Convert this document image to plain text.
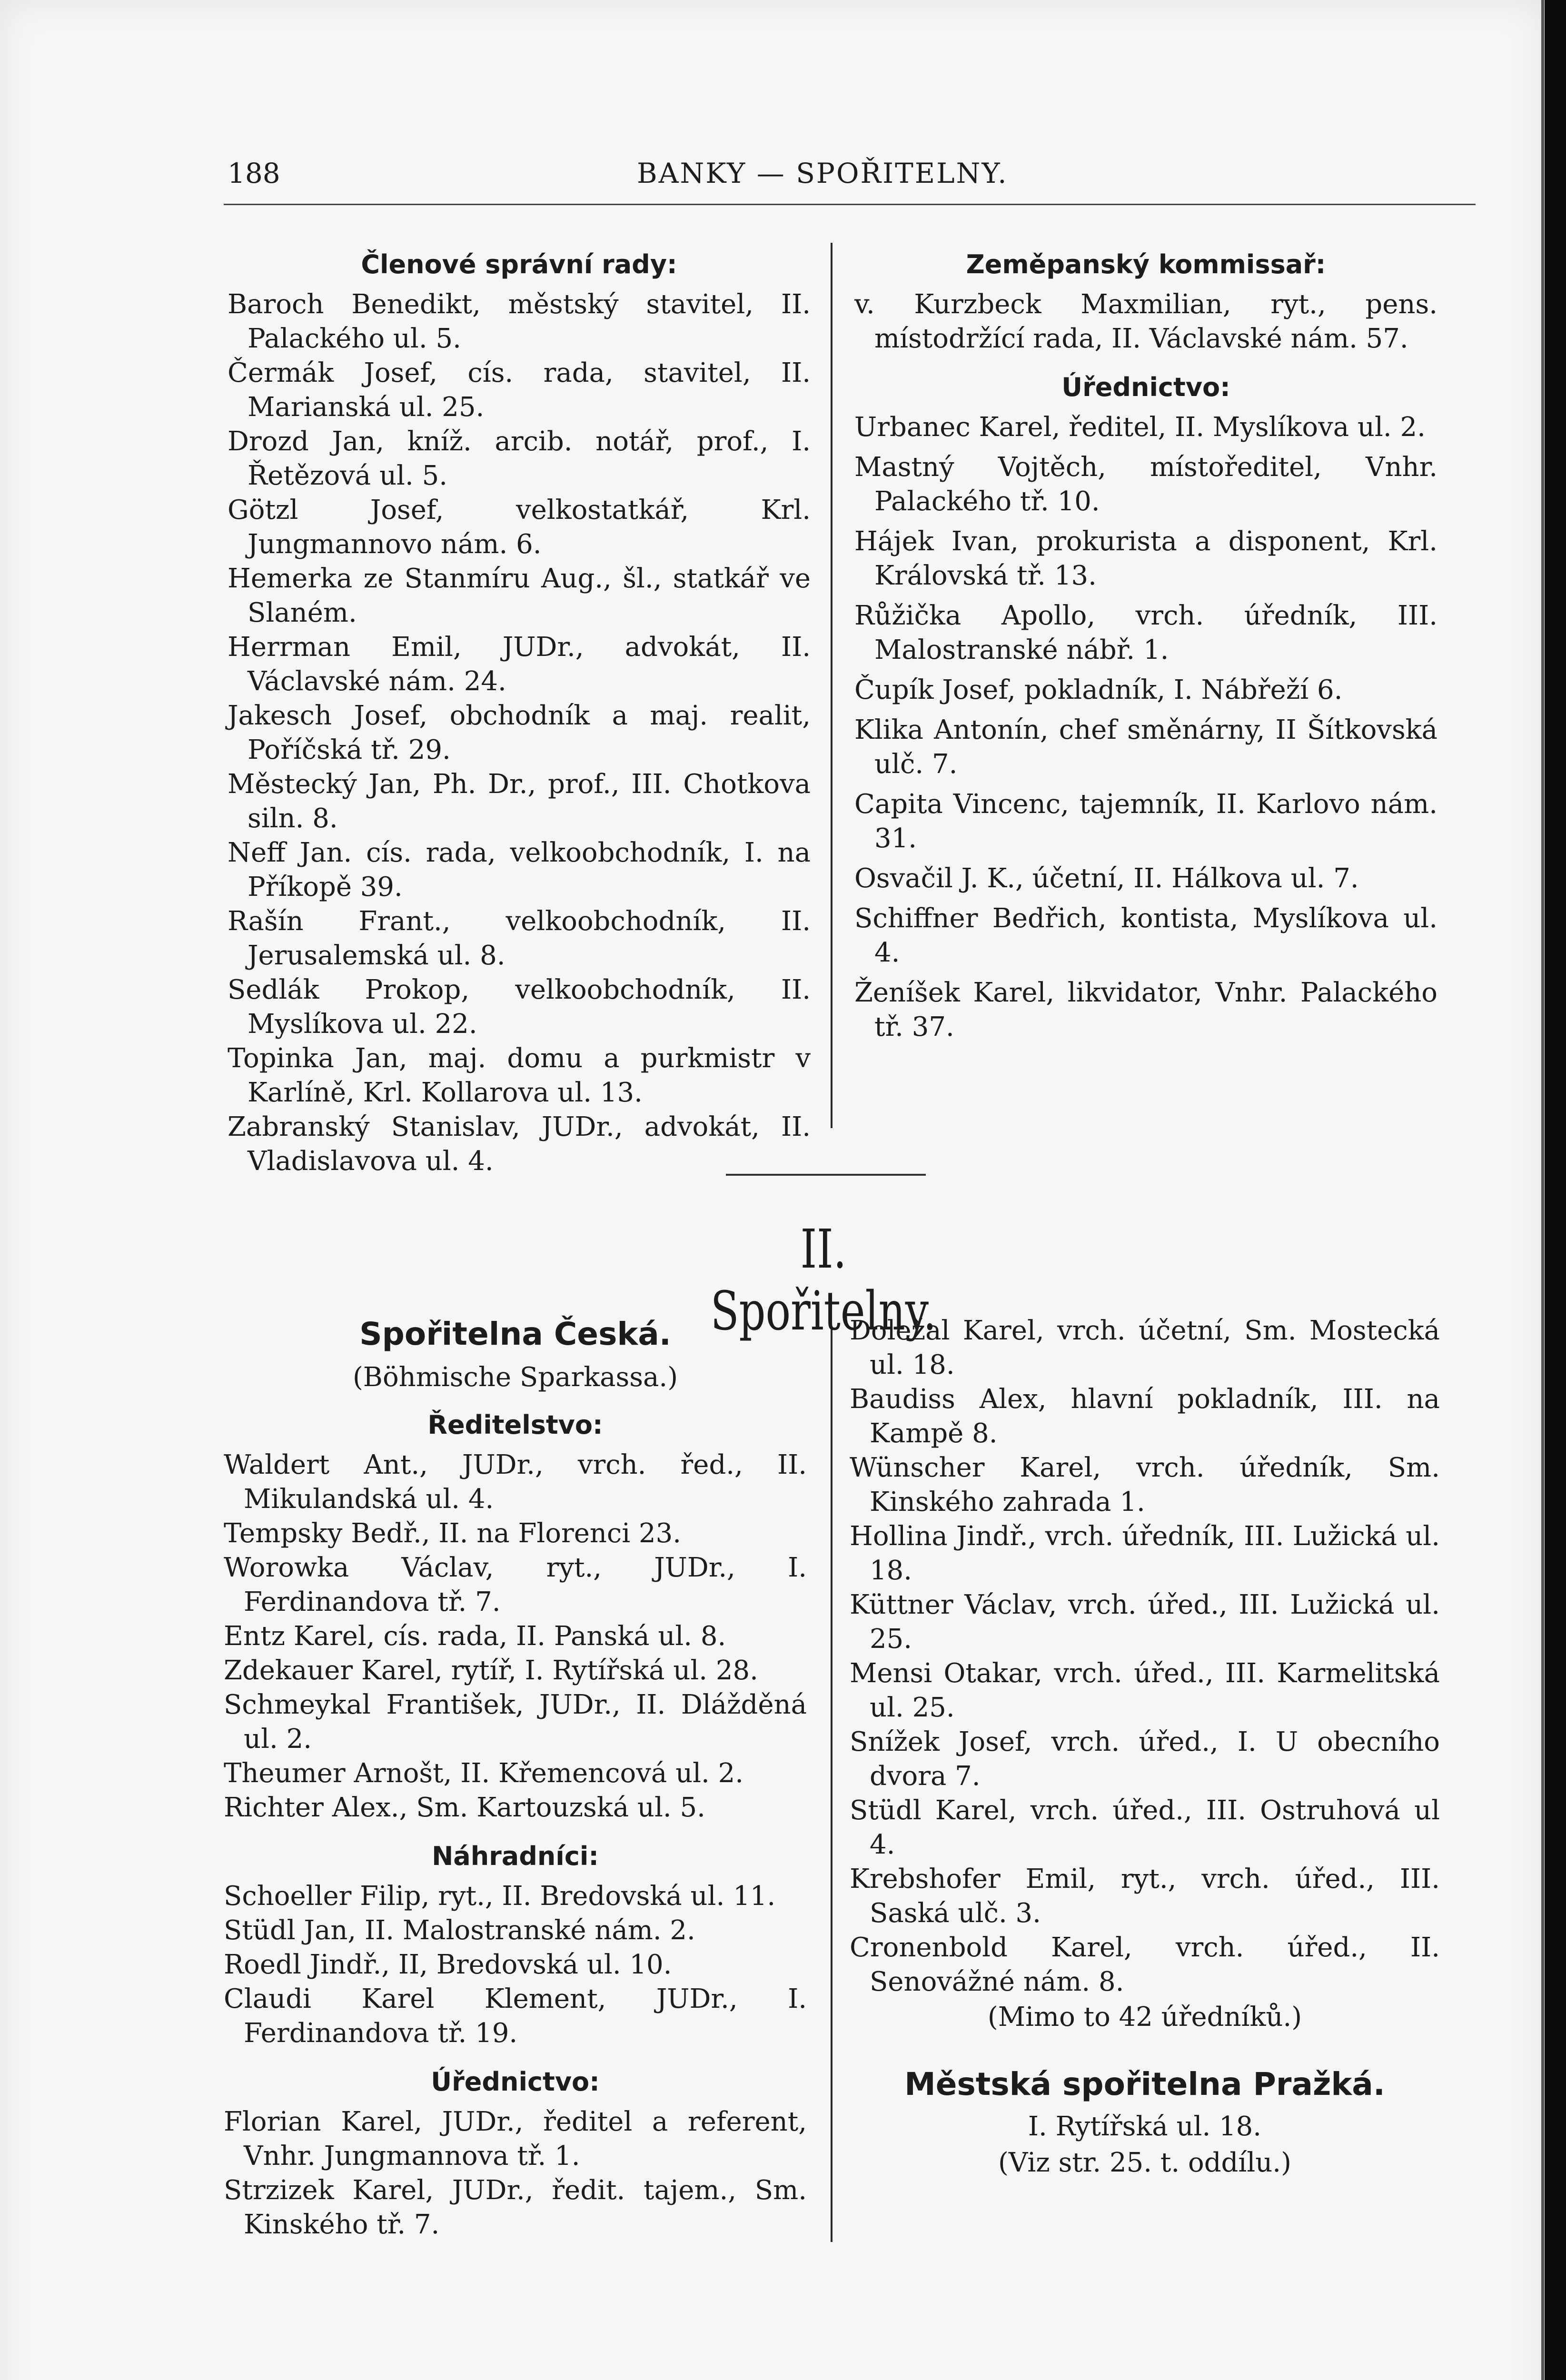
188	BANKY — SPOŘITELNY.
Členové správní rady:

Baroch Benedikt, městský stavitel, II. Palackého ul. 5.

Čermák Josef, cís. rada, stavitel, II. Marianská ul. 25.

Drozd Jan, kníž. arcib. notář, prof., I. Řetězová ul. 5.

Götzl Josef, velkostatkář, Krl. Jungmannovo nám. 6.

Hemerka ze Stanmíru Aug., šl., statkář ve Slaném.

Herrman Emil, JUDr., advokát, II. Václavské nám. 24.

Jakesch Josef, obchodník a maj. realit, Poříčská tř. 29.

Městecký Jan, Ph. Dr., prof., III. Chotkova siln. 8.

Neff Jan. cís. rada, velkoobchodník, I. na Příkopě 39.

Rašín Frant., velkoobchodník, II. Jerusalemská ul. 8.

Sedlák Prokop, velkoobchodník, II. Myslíkova ul. 22.

Topinka Jan, maj. domu a purkmistr v Karlíně, Krl. Kollarova ul. 13.

Zabranský Stanislav, JUDr., advokát, II. Vladislavova ul. 4.

Zeměpanský kommissař:

v. Kurzbeck Maxmilian, ryt., pens. místodržící rada, II. Václavské nám. 57.

Úřednictvo:

Urbanec Karel, ředitel, II. Myslíkova ul. 2.

Mastný Vojtěch, místoředitel, Vnhr. Palackého tř. 10.

Hájek Ivan, prokurista a disponent, Krl. Královská tř. 13.

Růžička Apollo, vrch. úředník, III. Malostranské nábř. 1.

Čupík Josef, pokladník, I. Nábřeží 6.

Klika Antonín, chef směnárny, II Šítkovská ulč. 7.

Capita Vincenc, tajemník, II. Karlovo nám. 31.

Osvačil J. K., účetní, II. Hálkova ul. 7.

Schiffner Bedřich, kontista, Myslíkova ul. 4.

Ženíšek Karel, likvidator, Vnhr. Palackého tř. 37.

II. Spořitelny.
Spořitelna Česká.
(Böhmische Sparkassa.)
Ředitelstvo:

Waldert Ant., JUDr., vrch. řed., II. Mikulandská ul. 4.

Tempsky Bedř., II. na Florenci 23.

Worowka Václav, ryt., JUDr., I. Ferdinandova tř. 7.

Entz Karel, cís. rada, II. Panská ul. 8.

Zdekauer Karel, rytíř, I. Rytířská ul. 28.

Schmeykal František, JUDr., II. Dlážděná ul. 2.

Theumer Arnošt, II. Křemencová ul. 2.

Richter Alex., Sm. Kartouzská ul. 5.

Náhradníci:

Schoeller Filip, ryt., II. Bredovská ul. 11.

Stüdl Jan, II. Malostranské nám. 2.

Roedl Jindř., II, Bredovská ul. 10.

Claudi Karel Klement, JUDr., I. Ferdinandova tř. 19.

Úřednictvo:

Florian Karel, JUDr., ředitel a referent, Vnhr. Jungmannova tř. 1.

Strzizek Karel, JUDr., ředit. tajem., Sm. Kinského tř. 7.

Doležal Karel, vrch. účetní, Sm. Mostecká ul. 18.

Baudiss Alex, hlavní pokladník, III. na Kampě 8.

Wünscher Karel, vrch. úředník, Sm. Kinského zahrada 1.

Hollina Jindř., vrch. úředník, III. Lužická ul. 18.

Küttner Václav, vrch. úřed., III. Lužická ul. 25.

Mensi Otakar, vrch. úřed., III. Karmelitská ul. 25.

Snížek Josef, vrch. úřed., I. U obecního dvora 7.

Stüdl Karel, vrch. úřed., III. Ostruhová ul 4.

Krebshofer Emil, ryt., vrch. úřed., III. Saská ulč. 3.

Cronenbold Karel, vrch. úřed., II. Senovážné nám. 8.

(Mimo to 42 úředníků.)

Městská spořitelna Pražká.

I. Rytířská ul. 18.

(Viz str. 25. t. oddílu.)
